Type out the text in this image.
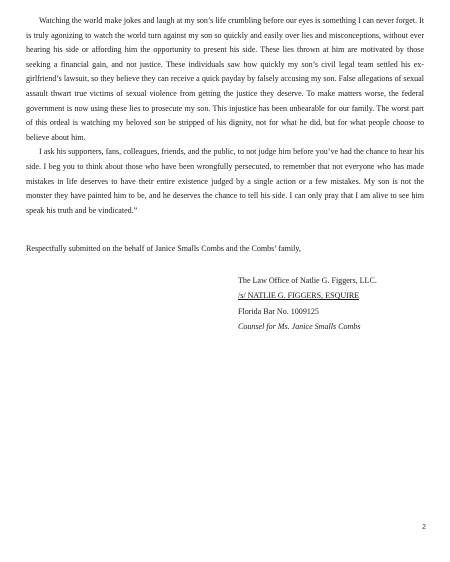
Watching the world make jokes and laugh at my son’s life crumbling before our eyes is something I can never forget. It is truly agonizing to watch the world turn against my son so quickly and easily over lies and misconceptions, without ever hearing his side or affording him the opportunity to present his side. These lies thrown at him are motivated by those seeking a financial gain, and not justice. These individuals saw how quickly my son’s civil legal team settled his ex-girlfriend’s lawsuit, so they believe they can receive a quick payday by falsely accusing my son. False allegations of sexual assault thwart true victims of sexual violence from getting the justice they deserve. To make matters worse, the federal government is now using these lies to prosecute my son. This injustice has been unbearable for our family. The worst part of this ordeal is watching my beloved son be stripped of his dignity, not for what he did, but for what people choose to believe about him.

I ask his supporters, fans, colleagues, friends, and the public, to not judge him before you’ve had the chance to hear his side. I beg you to think about those who have been wrongfully persecuted, to remember that not everyone who has made mistakes in life deserves to have their entire existence judged by a single action or a few mistakes. My son is not the monster they have painted him to be, and he deserves the chance to tell his side. I can only pray that I am alive to see him speak his truth and be vindicated.”

Respectfully submitted on the behalf of Janice Smalls Combs and the Combs’ family,
The Law Office of Natlie G. Figgers, LLC.
/s/ NATLIE G. FIGGERS, ESQUIRE
Florida Bar No. 1009125
Counsel for Ms. Janice Smalls Combs
2
